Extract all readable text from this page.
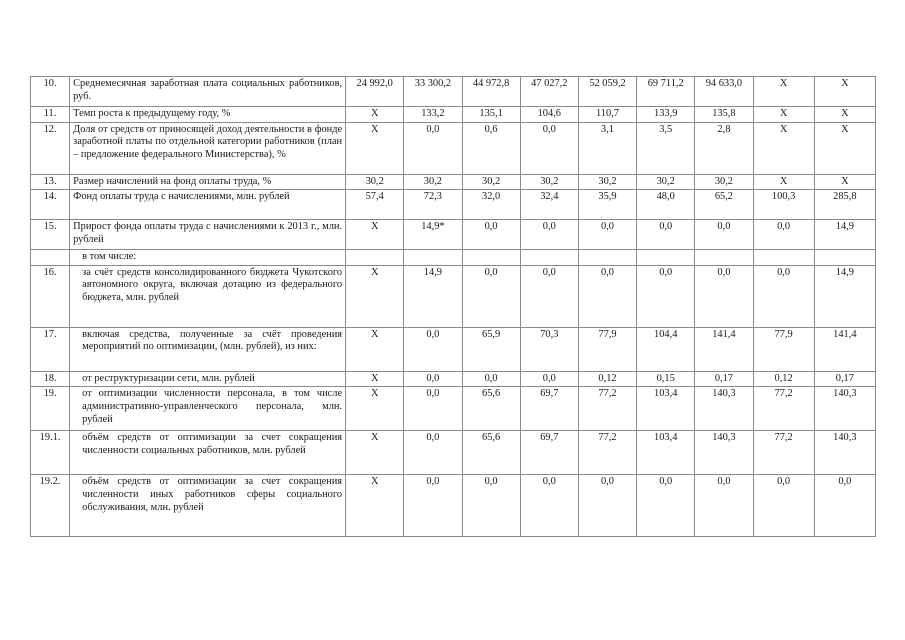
10.	Среднемесячная заработная плата социальных работников, руб.	24 992,0	33 300,2	44 972,8	47 027,2	52 059,2	69 711,2	94 633,0	Х	Х
11.	Темп роста к предыдущему году, %	Х	133,2	135,1	104,6	110,7	133,9	135,8	Х	Х
12.	Доля от средств от приносящей доход деятельности в фонде заработной платы по отдельной категории работников (план – предложение федерального Министерства), %	Х	0,0	0,6	0,0	3,1	3,5	2,8	Х	Х
13.	Размер начислений на фонд оплаты труда, %	30,2	30,2	30,2	30,2	30,2	30,2	30,2	Х	Х
14.	Фонд оплаты труда с начислениями, млн. рублей	57,4	72,3	32,0	32,4	35,9	48,0	65,2	100,3	285,8
15.	Прирост фонда оплаты труда с начислениями к 2013 г., млн. рублей	Х	14,9*	0,0	0,0	0,0	0,0	0,0	0,0	14,9
	в том числе:									
16.	за счёт средств консолидированного бюджета Чукотского автономного округа, включая дотацию из федерального бюджета, млн. рублей	Х	14,9	0,0	0,0	0,0	0,0	0,0	0,0	14,9
17.	включая средства, полученные за счёт проведения мероприятий по оптимизации, (млн. рублей), из них:	Х	0,0	65,9	70,3	77,9	104,4	141,4	77,9	141,4
18.	от реструктуризации сети, млн. рублей	Х	0,0	0,0	0,0	0,12	0,15	0,17	0,12	0,17
19.	от оптимизации численности персонала, в том числе административно-управленческого персонала, млн. рублей	Х	0,0	65,6	69,7	77,2	103,4	140,3	77,2	140,3
19.1.	объём средств от оптимизации за счет сокращения численности социальных работников, млн. рублей	Х	0,0	65,6	69,7	77,2	103,4	140,3	77,2	140,3
19.2.	объём средств от оптимизации за счет сокращения численности иных работников сферы социального обслуживания, млн. рублей	Х	0,0	0,0	0,0	0,0	0,0	0,0	0,0	0,0
